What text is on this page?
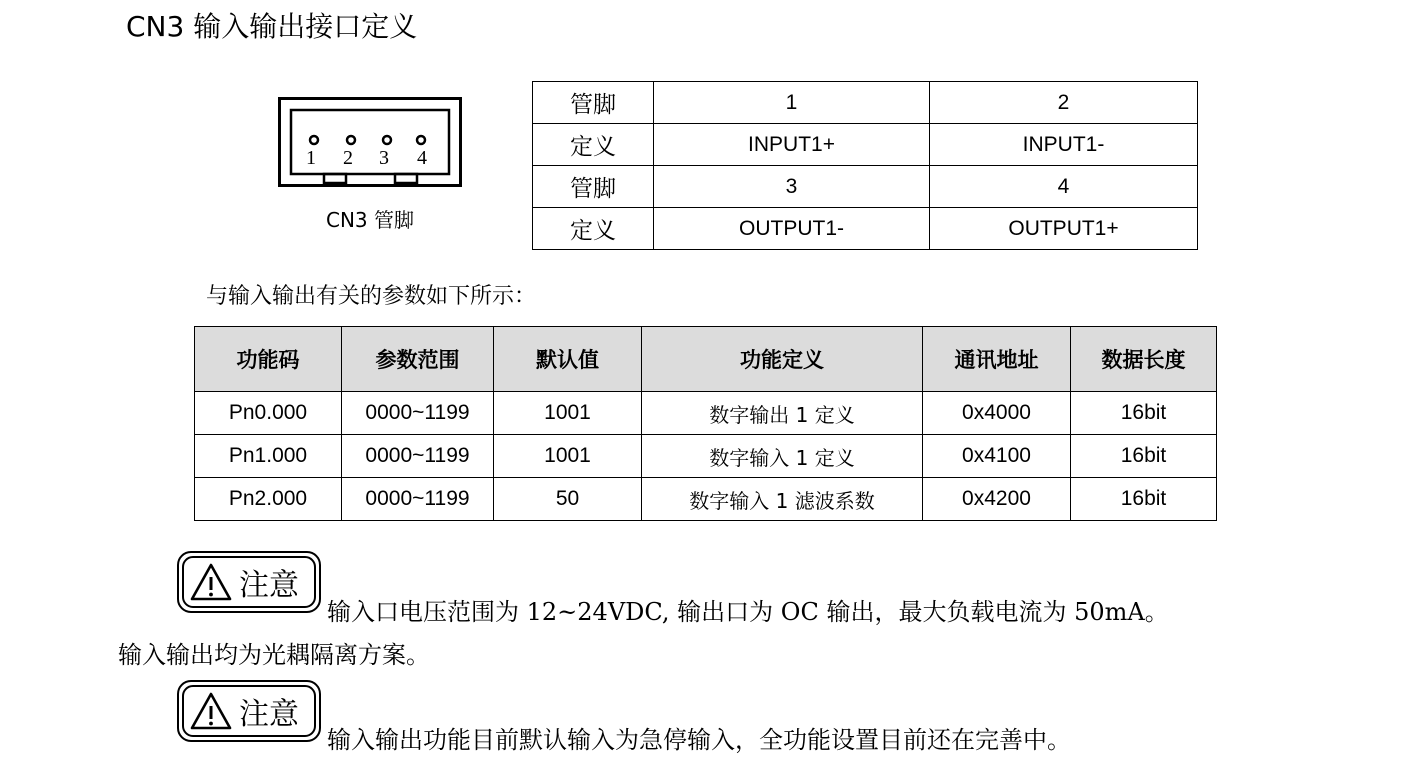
CN3 输入输出接口定义
1 2 3 4
CN3 管脚
管脚	1	2
定义	INPUT1+	INPUT1-
管脚	3	4
定义	OUTPUT1-	OUTPUT1+
与输入输出有关的参数如下所示：
功能码	参数范围	默认值	功能定义	通讯地址	数据长度
Pn0.000	0000~1199	1001	数字输出 1 定义	0x4000	16bit
Pn1.000	0000~1199	1001	数字输入 1 定义	0x4100	16bit
Pn2.000	0000~1199	50	数字输入 1 滤波系数	0x4200	16bit
注意
输入口电压范围为 12~24VDC, 输出口为 OC 输出，最大负载电流为 50mA。
输入输出均为光耦隔离方案。
注意
输入输出功能目前默认输入为急停输入，全功能设置目前还在完善中。
